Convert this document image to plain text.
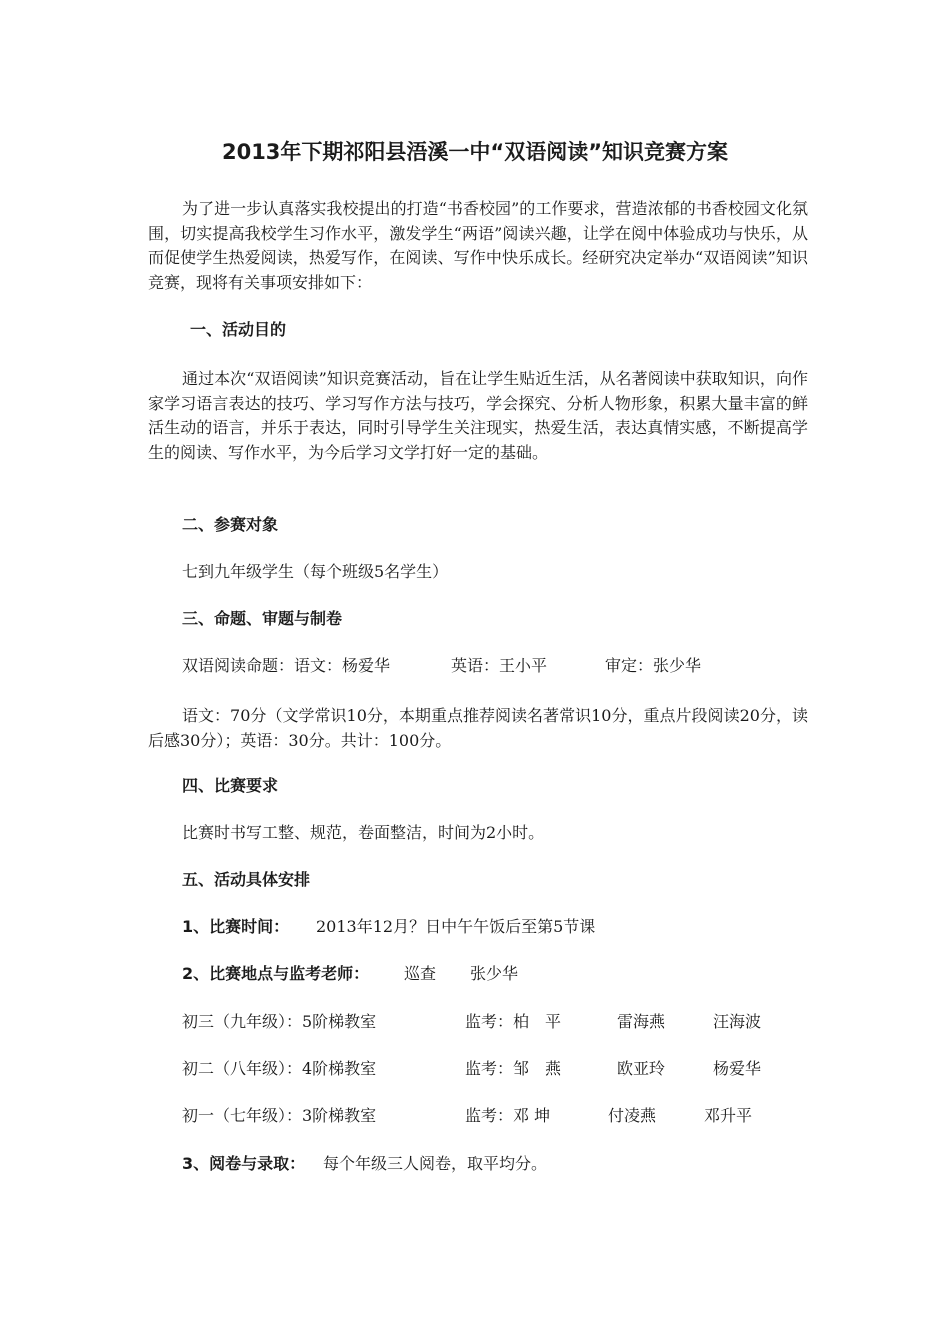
2013年下期祁阳县浯溪一中“双语阅读”知识竞赛方案
为了进一步认真落实我校提出的打造“书香校园”的工作要求，营造浓郁的书香校园文化氛围，切实提高我校学生习作水平，激发学生“两语”阅读兴趣，让学在阅中体验成功与快乐，从而促使学生热爱阅读，热爱写作，在阅读、写作中快乐成长。经研究决定举办“双语阅读”知识竞赛，现将有关事项安排如下：
一、活动目的
通过本次“双语阅读”知识竞赛活动，旨在让学生贴近生活，从名著阅读中获取知识，向作家学习语言表达的技巧、学习写作方法与技巧，学会探究、分析人物形象，积累大量丰富的鲜活生动的语言，并乐于表达，同时引导学生关注现实，热爱生活，表达真情实感，不断提高学生的阅读、写作水平，为今后学习文学打好一定的基础。
二、参赛对象
七到九年级学生（每个班级5名学生）
三、命题、审题与制卷
双语阅读命题：语文：杨爱华	英语：王小平	审定：张少华
语文：70分（文学常识10分，本期重点推荐阅读名著常识10分，重点片段阅读20分，读后感30分）；英语：30分。共计：100分。
四、比赛要求
比赛时书写工整、规范，卷面整洁，时间为2小时。
五、活动具体安排
1、比赛时间： 2013年12月？日中午午饭后至第5节课
2、比赛地点与监考老师： 巡查 张少华
初三（九年级）：5阶梯教室	监考：柏　平	雷海燕	汪海波
初二（八年级）：4阶梯教室	监考：邹　燕	欧亚玲	杨爱华
初一（七年级）：3阶梯教室	监考：邓 坤	付凌燕	邓升平
3、阅卷与录取： 每个年级三人阅卷，取平均分。
